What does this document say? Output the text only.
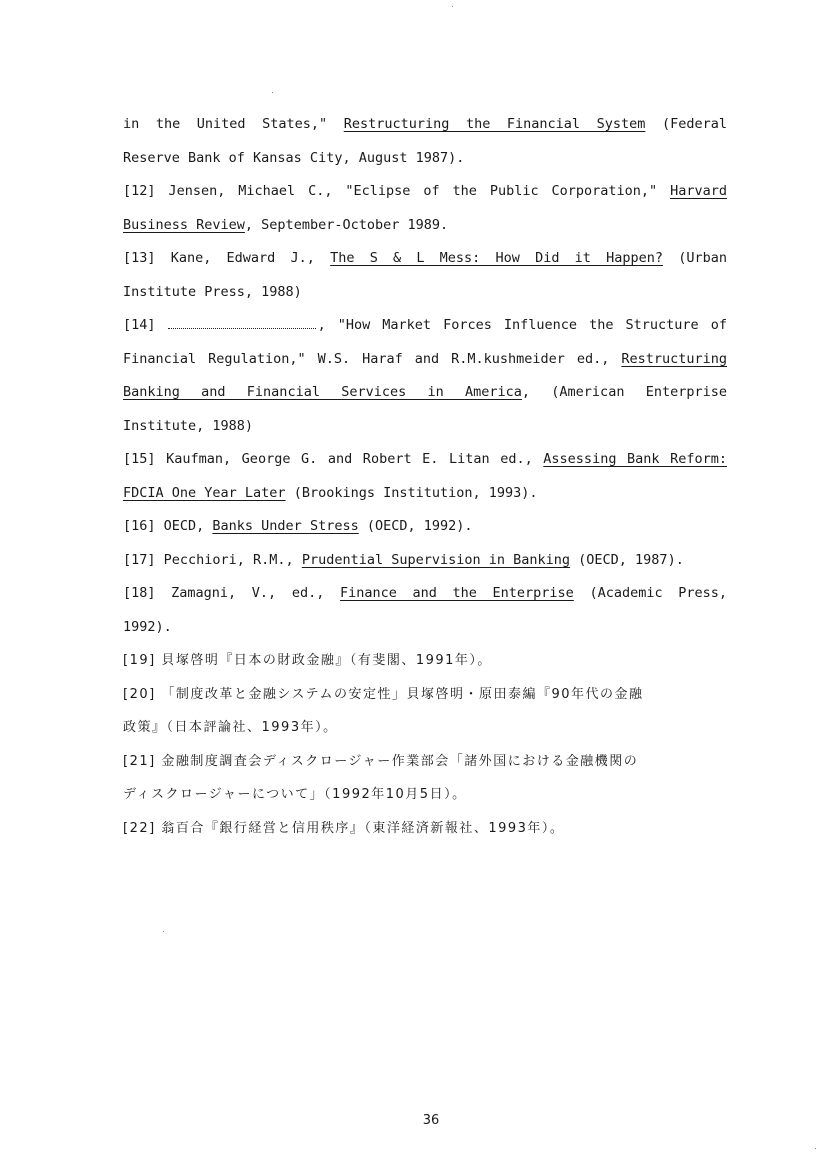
in the United States," Restructuring the Financial System (Federal
Reserve Bank of Kansas City, August 1987).
[12] Jensen, Michael C., "Eclipse of the Public Corporation," Harvard
Business Review, September-October 1989.
[13] Kane, Edward J., The S & L Mess: How Did it Happen? (Urban
Institute Press, 1988)
[14]	, "How Market Forces Influence the Structure of
Financial Regulation," W.S. Haraf and R.M.kushmeider ed., Restructuring
Banking and Financial Services in America, (American Enterprise
Institute, 1988)
[15] Kaufman, George G. and Robert E. Litan ed., Assessing Bank Reform:
FDCIA One Year Later (Brookings Institution, 1993).
[16] OECD, Banks Under Stress (OECD, 1992).
[17] Pecchiori, R.M., Prudential Supervision in Banking (OECD, 1987).
[18] Zamagni, V., ed., Finance and the Enterprise (Academic Press,
1992).
[19] 貝塚啓明『日本の財政金融』（有斐閣、1991年）。
[20] 「制度改革と金融システムの安定性」貝塚啓明・原田泰編『90年代の金融
政策』（日本評論社、1993年）。
[21] 金融制度調査会ディスクロージャー作業部会「諸外国における金融機関の
ディスクロージャーについて」（1992年10月5日）。
[22] 翁百合『銀行経営と信用秩序』（東洋経済新報社、1993年）。
36
